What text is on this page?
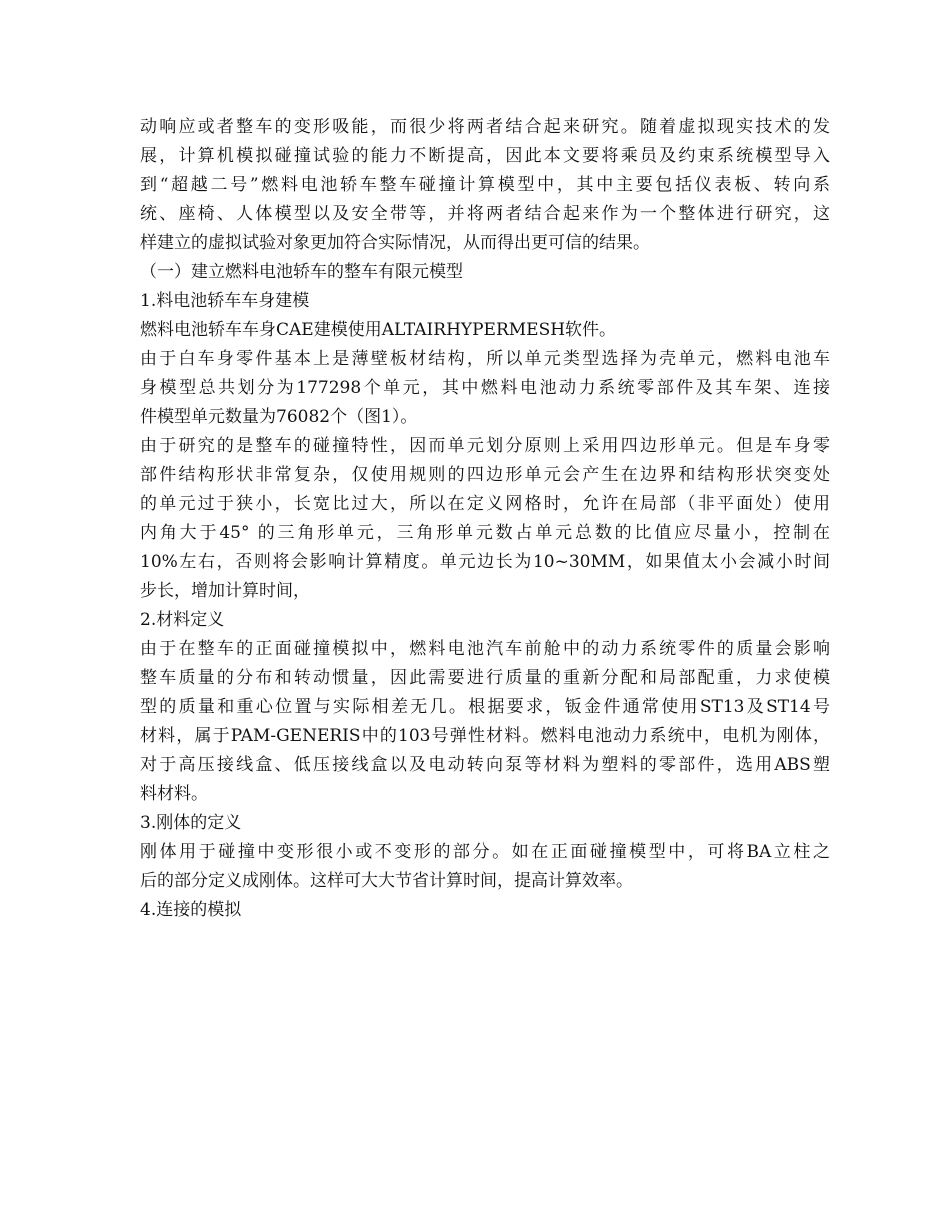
动响应或者整车的变形吸能，而很少将两者结合起来研究。随着虚拟现实技术的发
展，计算机模拟碰撞试验的能力不断提高，因此本文要将乘员及约束系统模型导入
到“超越二号”燃料电池轿车整车碰撞计算模型中，其中主要包括仪表板、转向系
统、座椅、人体模型以及安全带等，并将两者结合起来作为一个整体进行研究，这
样建立的虚拟试验对象更加符合实际情况，从而得出更可信的结果。
（一）建立燃料电池轿车的整车有限元模型
1.料电池轿车车身建模
燃料电池轿车车身CAE建模使用ALTAIRHYPERMESH软件。
由于白车身零件基本上是薄壁板材结构，所以单元类型选择为壳单元，燃料电池车
身模型总共划分为177298个单元，其中燃料电池动力系统零部件及其车架、连接
件模型单元数量为76082个（图1）。
由于研究的是整车的碰撞特性，因而单元划分原则上采用四边形单元。但是车身零
部件结构形状非常复杂，仅使用规则的四边形单元会产生在边界和结构形状突变处
的单元过于狭小，长宽比过大，所以在定义网格时，允许在局部（非平面处）使用
内角大于45° 的三角形单元，三角形单元数占单元总数的比值应尽量小，控制在
10%左右，否则将会影响计算精度。单元边长为10~30MM，如果值太小会减小时间
步长，增加计算时间，
2.材料定义
由于在整车的正面碰撞模拟中，燃料电池汽车前舱中的动力系统零件的质量会影响
整车质量的分布和转动惯量，因此需要进行质量的重新分配和局部配重，力求使模
型的质量和重心位置与实际相差无几。根据要求，钣金件通常使用ST13及ST14号
材料，属于PAM-GENERIS中的103号弹性材料。燃料电池动力系统中，电机为刚体，
对于高压接线盒、低压接线盒以及电动转向泵等材料为塑料的零部件，选用ABS塑
料材料。
3.刚体的定义
刚体用于碰撞中变形很小或不变形的部分。如在正面碰撞模型中，可将BA立柱之
后的部分定义成刚体。这样可大大节省计算时间，提高计算效率。
4.连接的模拟
